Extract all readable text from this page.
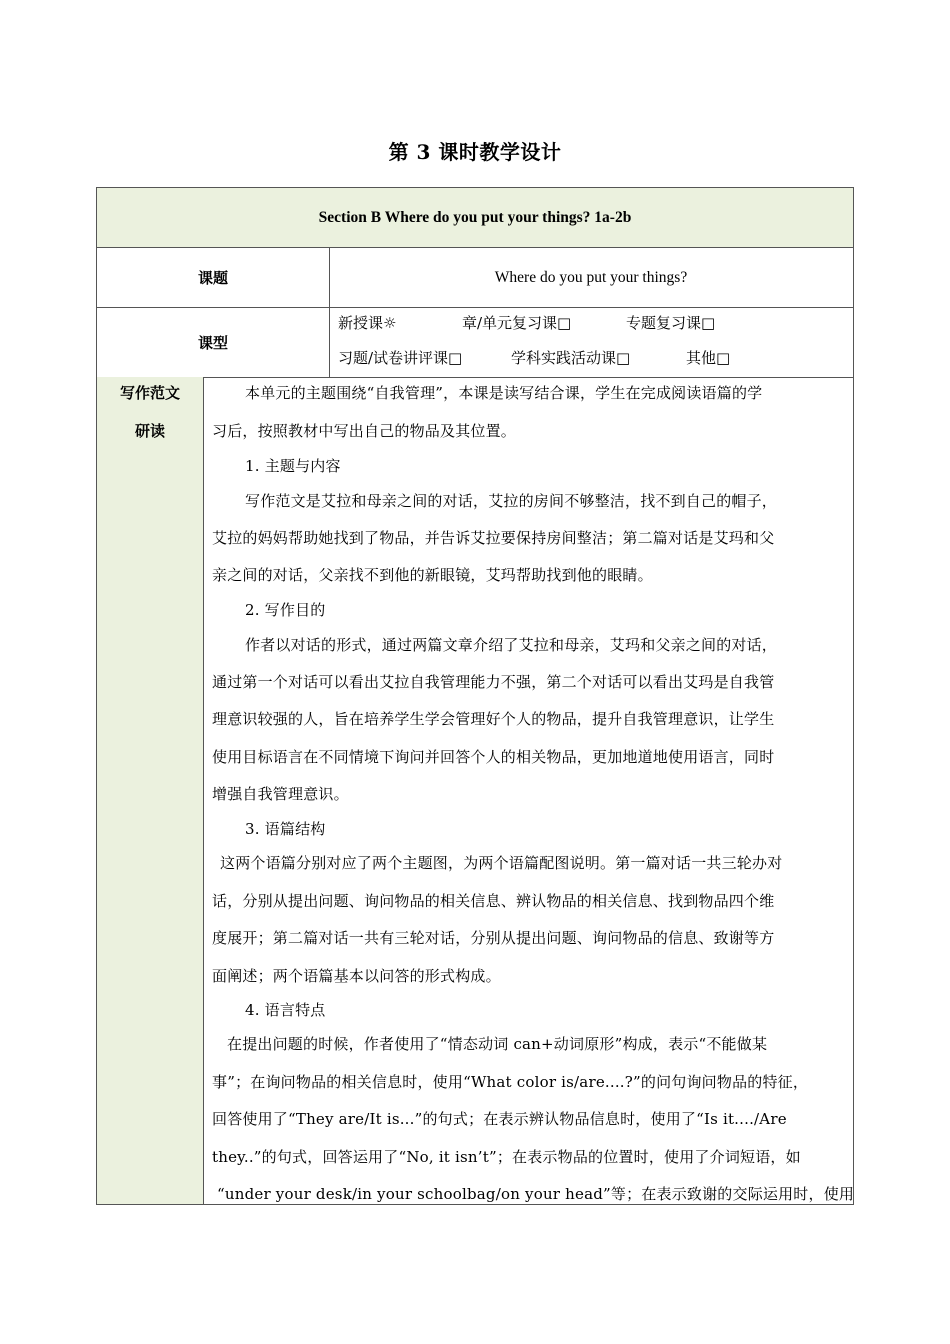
第 3 课时教学设计
Section B Where do you put your things? 1a-2b
课题	Where do you put your things?
课型
新授课☼	章/单元复习课□	专题复习课□
习题/试卷讲评课□	学科实践活动课□	其他□
写作范文
研读
本单元的主题围绕“自我管理”，本课是读写结合课，学生在完成阅读语篇的学
习后，按照教材中写出自己的物品及其位置。
1. 主题与内容
写作范文是艾拉和母亲之间的对话，艾拉的房间不够整洁，找不到自己的帽子，
艾拉的妈妈帮助她找到了物品，并告诉艾拉要保持房间整洁；第二篇对话是艾玛和父
亲之间的对话，父亲找不到他的新眼镜，艾玛帮助找到他的眼睛。
2. 写作目的
作者以对话的形式，通过两篇文章介绍了艾拉和母亲，艾玛和父亲之间的对话，
通过第一个对话可以看出艾拉自我管理能力不强，第二个对话可以看出艾玛是自我管
理意识较强的人，旨在培养学生学会管理好个人的物品，提升自我管理意识，让学生
使用目标语言在不同情境下询问并回答个人的相关物品，更加地道地使用语言，同时
增强自我管理意识。
3. 语篇结构
这两个语篇分别对应了两个主题图，为两个语篇配图说明。第一篇对话一共三轮办对
话，分别从提出问题、询问物品的相关信息、辨认物品的相关信息、找到物品四个维
度展开；第二篇对话一共有三轮对话，分别从提出问题、询问物品的信息、致谢等方
面阐述；两个语篇基本以问答的形式构成。
4. 语言特点
在提出问题的时候，作者使用了“情态动词 can+动词原形”构成，表示“不能做某
事”；在询问物品的相关信息时，使用“What color is/are....?”的问句询问物品的特征，
回答使用了“They are/It is...”的句式；在表示辨认物品信息时，使用了“Is it..../Are
they..”的句式，回答运用了“No, it isn’t”；在表示物品的位置时，使用了介词短语，如
“under your desk/in your schoolbag/on your head”等；在表示致谢的交际运用时，使用
